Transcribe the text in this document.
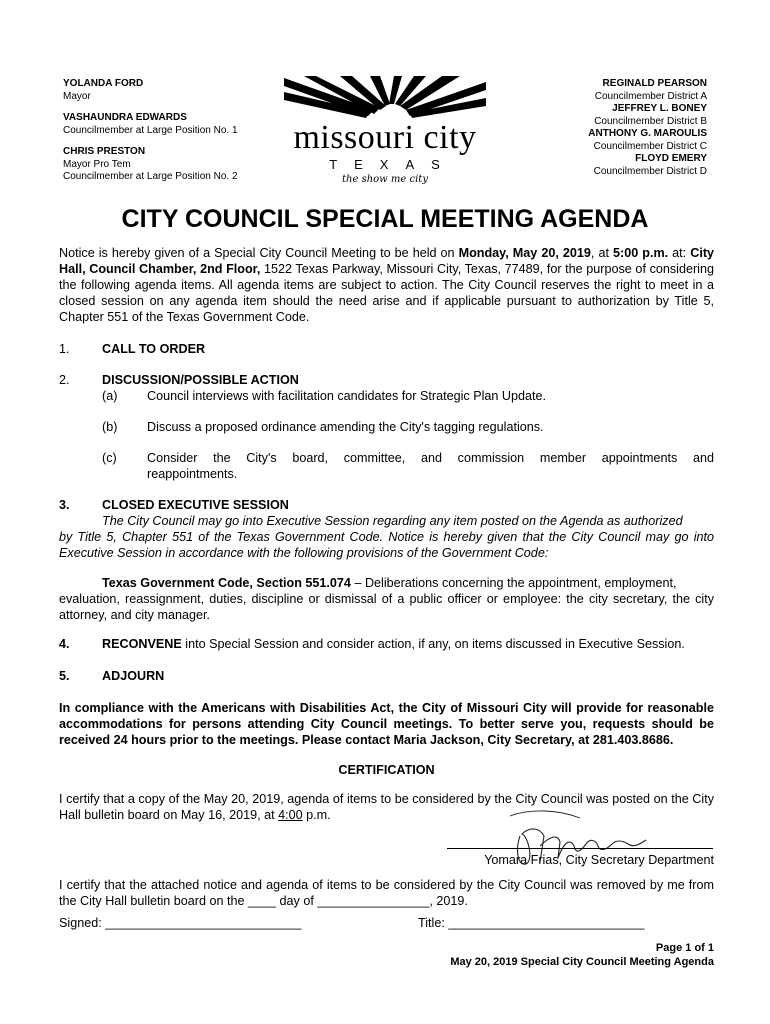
YOLANDA FORD
Mayor
VASHAUNDRA EDWARDS
Councilmember at Large Position No. 1
CHRIS PRESTON
Mayor Pro Tem
Councilmember at Large Position No. 2
missouri city
TEXAS
the show me city
REGINALD PEARSON
Councilmember District A
JEFFREY L. BONEY
Councilmember District B
ANTHONY G. MAROULIS
Councilmember District C
FLOYD EMERY
Councilmember District D
CITY COUNCIL SPECIAL MEETING AGENDA
Notice is hereby given of a Special City Council Meeting to be held on Monday, May 20, 2019, at 5:00 p.m. at: City Hall, Council Chamber, 2nd Floor, 1522 Texas Parkway, Missouri City, Texas, 77489, for the purpose of considering the following agenda items. All agenda items are subject to action. The City Council reserves the right to meet in a closed session on any agenda item should the need arise and if applicable pursuant to authorization by Title 5, Chapter 551 of the Texas Government Code.
1.	CALL TO ORDER
2.	DISCUSSION/POSSIBLE ACTION
(a) Council interviews with facilitation candidates for Strategic Plan Update.
(b) Discuss a proposed ordinance amending the City's tagging regulations.
(c) Consider the City's board, committee, and commission member appointments and
reappointments.
3.	CLOSED EXECUTIVE SESSION
The City Council may go into Executive Session regarding any item posted on the Agenda as authorized
by Title 5, Chapter 551 of the Texas Government Code. Notice is hereby given that the City Council may go into Executive Session in accordance with the following provisions of the Government Code:
Texas Government Code, Section 551.074 – Deliberations concerning the appointment, employment,
evaluation, reassignment, duties, discipline or dismissal of a public officer or employee: the city secretary, the city attorney, and city manager.
4.	RECONVENE into Special Session and consider action, if any, on items discussed in Executive Session.
5.	ADJOURN
In compliance with the Americans with Disabilities Act, the City of Missouri City will provide for reasonable accommodations for persons attending City Council meetings. To better serve you, requests should be received 24 hours prior to the meetings. Please contact Maria Jackson, City Secretary, at 281.403.8686.
CERTIFICATION
I certify that a copy of the May 20, 2019, agenda of items to be considered by the City Council was posted on the City Hall bulletin board on May 16, 2019, at 4:00 p.m.
Yomara Frias, City Secretary Department
I certify that the attached notice and agenda of items to be considered by the City Council was removed by me from the City Hall bulletin board on the ____ day of ________________, 2019.
Signed: ____________________________	Title: ____________________________
Page 1 of 1
May 20, 2019 Special City Council Meeting Agenda
